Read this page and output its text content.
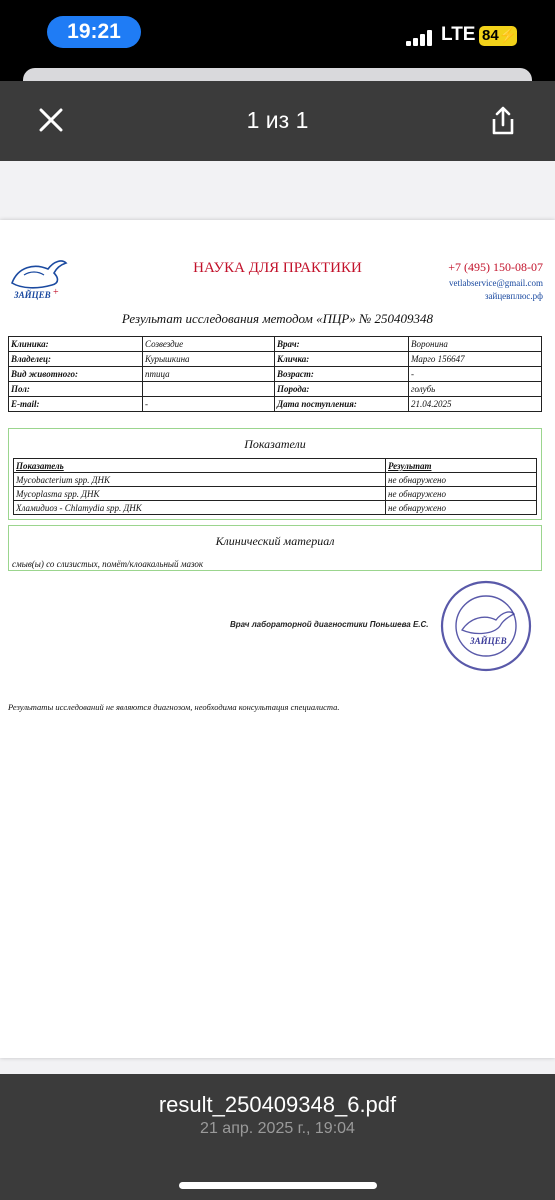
19:21	LTE 84⚡
1 из 1
ЗАЙЦЕВ +
НАУКА ДЛЯ ПРАКТИКИ	+7 (495) 150-08-07
vetlabservice@gmail.com
зайцевплюс.рф
Результат исследования методом «ПЦР» № 250409348
Клиника:	Созвездие	Врач:	Воронина
Владелец:	Курышкина	Кличка:	Марго 156647
Вид животного:	птица	Возраст:	-
Пол:		Порода:	голубь
E-mail:	-	Дата поступления:	21.04.2025
Показатели
Показатель	Результат
Mycobacterium spp. ДНК	не обнаружено
Mycoplasma spp. ДНК	не обнаружено
Хламидиоз - Chlamydia spp. ДНК	не обнаружено
Клинический материал
смыв(ы) со слизистых, помёт/клоакальный мазок
Врач лабораторной диагностики Поньшева Е.С.
ЗАЙЦЕВ
Результаты исследований не являются диагнозом, необходима консультация специалиста.
result_250409348_6.pdf
21 апр. 2025 г., 19:04
